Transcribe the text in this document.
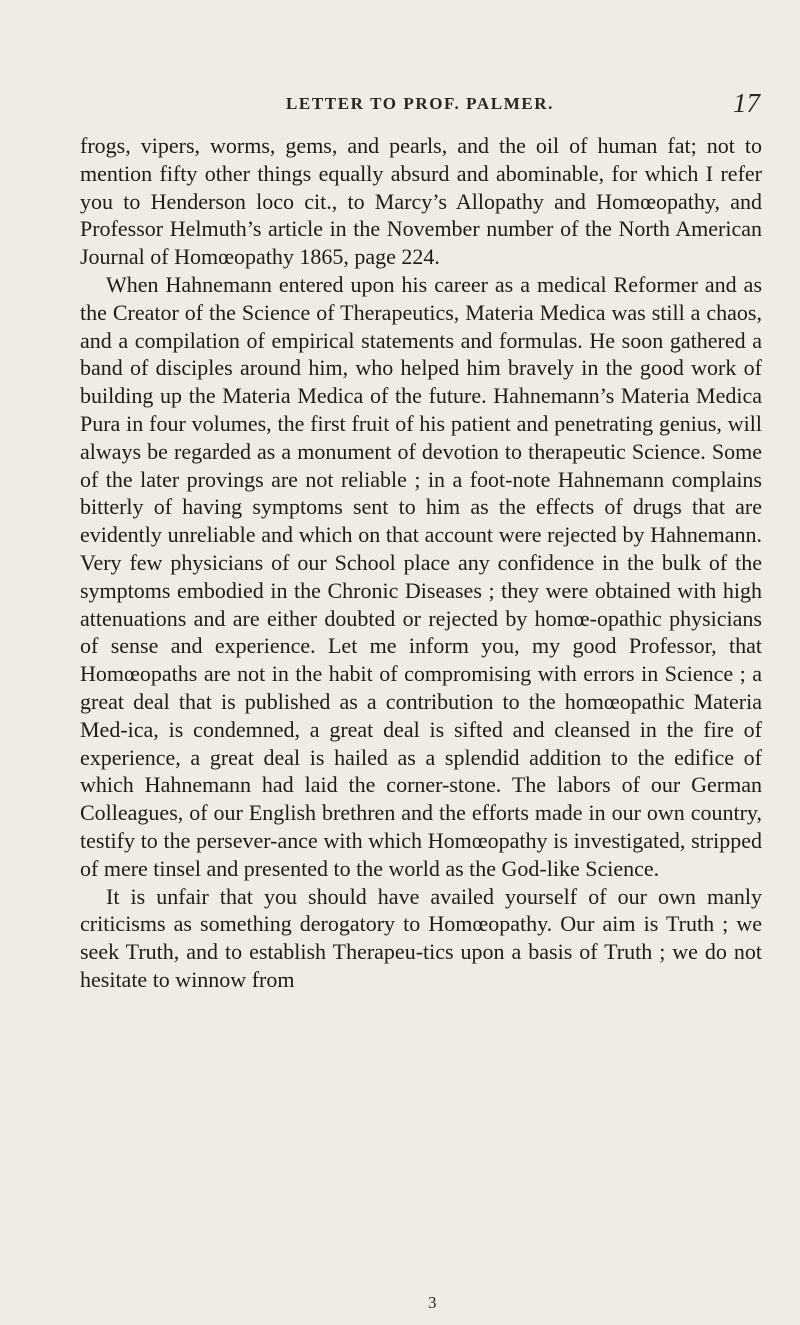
LETTER TO PROF. PALMER.	17

frogs, vipers, worms, gems, and pearls, and the oil of human fat; not to mention fifty other things equally absurd and abominable, for which I refer you to Henderson loco cit., to Marcy’s Allopathy and Homœopathy, and Professor Helmuth’s article in the November number of the North American Journal of Homœopathy 1865, page 224.

When Hahnemann entered upon his career as a medical Reformer and as the Creator of the Science of Therapeutics, Materia Medica was still a chaos, and a compilation of empirical statements and formulas. He soon gathered a band of disciples around him, who helped him bravely in the good work of building up the Materia Medica of the future. Hahnemann’s Materia Medica Pura in four volumes, the first fruit of his patient and penetrating genius, will always be regarded as a monument of devotion to therapeutic Science. Some of the later provings are not reliable ; in a foot-note Hahnemann complains bitterly of having symptoms sent to him as the effects of drugs that are evidently unreliable and which on that account were rejected by Hahnemann. Very few physicians of our School place any confidence in the bulk of the symptoms embodied in the Chronic Diseases ; they were obtained with high attenuations and are either doubted or rejected by homœ-opathic physicians of sense and experience. Let me inform you, my good Professor, that Homœopaths are not in the habit of compromising with errors in Science ; a great deal that is published as a contribution to the homœopathic Materia Med-ica, is condemned, a great deal is sifted and cleansed in the fire of experience, a great deal is hailed as a splendid addition to the edifice of which Hahnemann had laid the corner-stone. The labors of our German Colleagues, of our English brethren and the efforts made in our own country, testify to the persever-ance with which Homœopathy is investigated, stripped of mere tinsel and presented to the world as the God-like Science.

It is unfair that you should have availed yourself of our own manly criticisms as something derogatory to Homœopathy. Our aim is Truth ; we seek Truth, and to establish Therapeu-tics upon a basis of Truth ; we do not hesitate to winnow from

3
